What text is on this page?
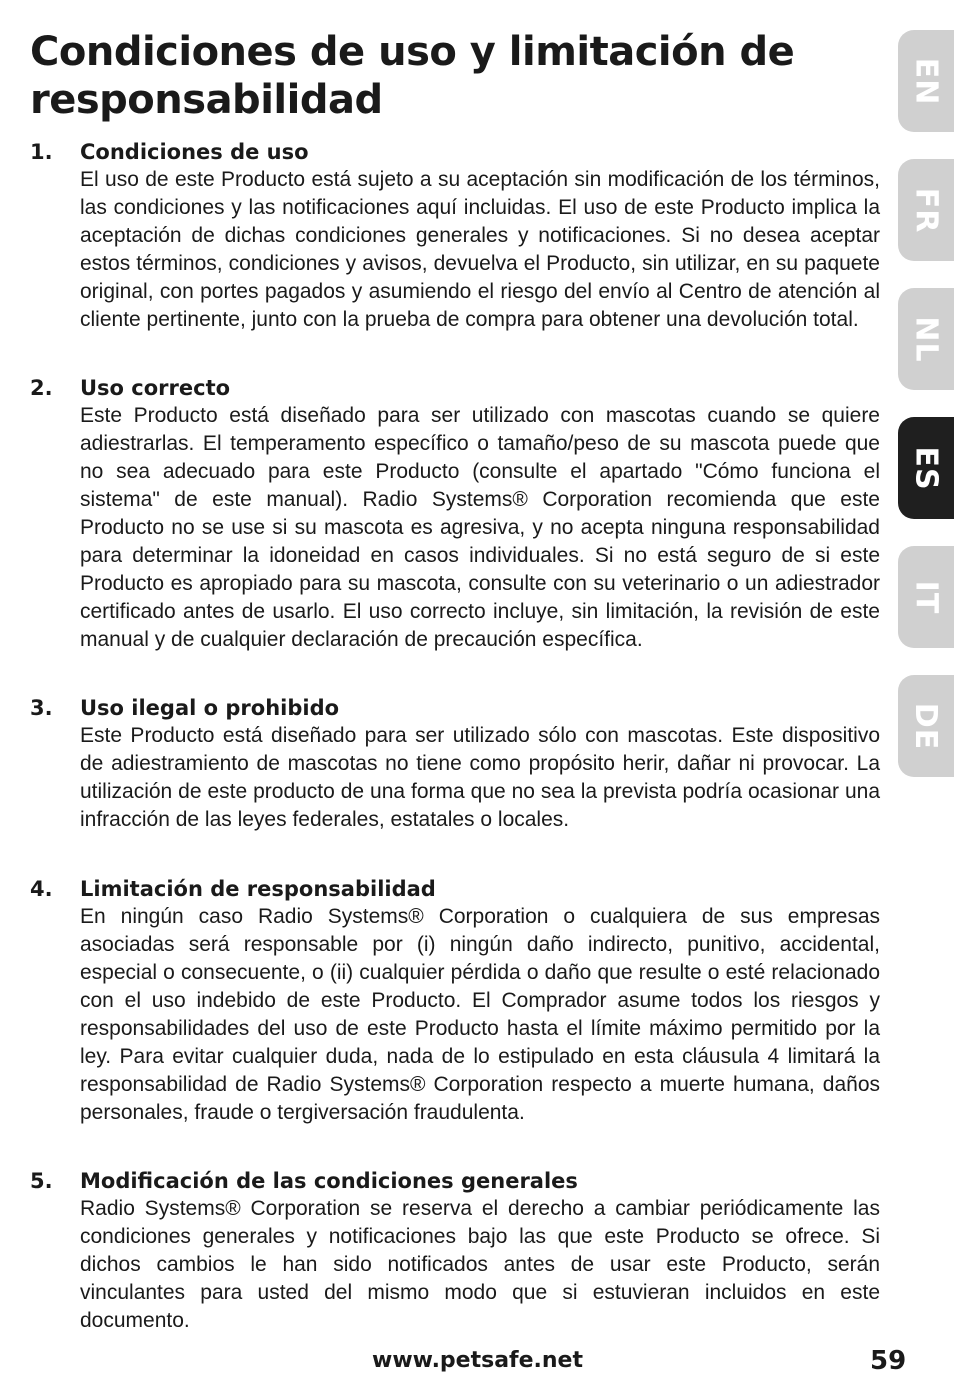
Condiciones de uso y limitación de responsabilidad
1.	Condiciones de uso
El uso de este Producto está sujeto a su aceptación sin modificación de los términos, las condiciones y las notificaciones aquí incluidas. El uso de este Producto implica la aceptación de dichas condiciones generales y notificaciones. Si no desea aceptar estos términos, condiciones y avisos, devuelva el Producto, sin utilizar, en su paquete original, con portes pagados y asumiendo el riesgo del envío al Centro de atención al cliente pertinente, junto con la prueba de compra para obtener una devolución total.
2.	Uso correcto
Este Producto está diseñado para ser utilizado con mascotas cuando se quiere adiestrarlas. El temperamento específico o tamaño/peso de su mascota puede que no sea adecuado para este Producto (consulte el apartado "Cómo funciona el sistema" de este manual). Radio Systems® Corporation recomienda que este Producto no se use si su mascota es agresiva, y no acepta ninguna responsabilidad para determinar la idoneidad en casos individuales. Si no está seguro de si este Producto es apropiado para su mascota, consulte con su veterinario o un adiestrador certificado antes de usarlo. El uso correcto incluye, sin limitación, la revisión de este manual y de cualquier declaración de precaución específica.
3.	Uso ilegal o prohibido
Este Producto está diseñado para ser utilizado sólo con mascotas. Este dispositivo de adiestramiento de mascotas no tiene como propósito herir, dañar ni provocar. La utilización de este producto de una forma que no sea la prevista podría ocasionar una infracción de las leyes federales, estatales o locales.
4.	Limitación de responsabilidad
En ningún caso Radio Systems® Corporation o cualquiera de sus empresas asociadas será responsable por (i) ningún daño indirecto, punitivo, accidental, especial o consecuente, o (ii) cualquier pérdida o daño que resulte o esté relacionado con el uso indebido de este Producto. El Comprador asume todos los riesgos y responsabilidades del uso de este Producto hasta el límite máximo permitido por la ley. Para evitar cualquier duda, nada de lo estipulado en esta cláusula 4 limitará la responsabilidad de Radio Systems® Corporation respecto a muerte humana, daños personales, fraude o tergiversación fraudulenta.
5.	Modificación de las condiciones generales
Radio Systems® Corporation se reserva el derecho a cambiar periódicamente las condiciones generales y notificaciones bajo las que este Producto se ofrece. Si dichos cambios le han sido notificados antes de usar este Producto, serán vinculantes para usted del mismo modo que si estuvieran incluidos en este documento.
EN
FR
NL
ES
IT
DE
www.petsafe.net	59
